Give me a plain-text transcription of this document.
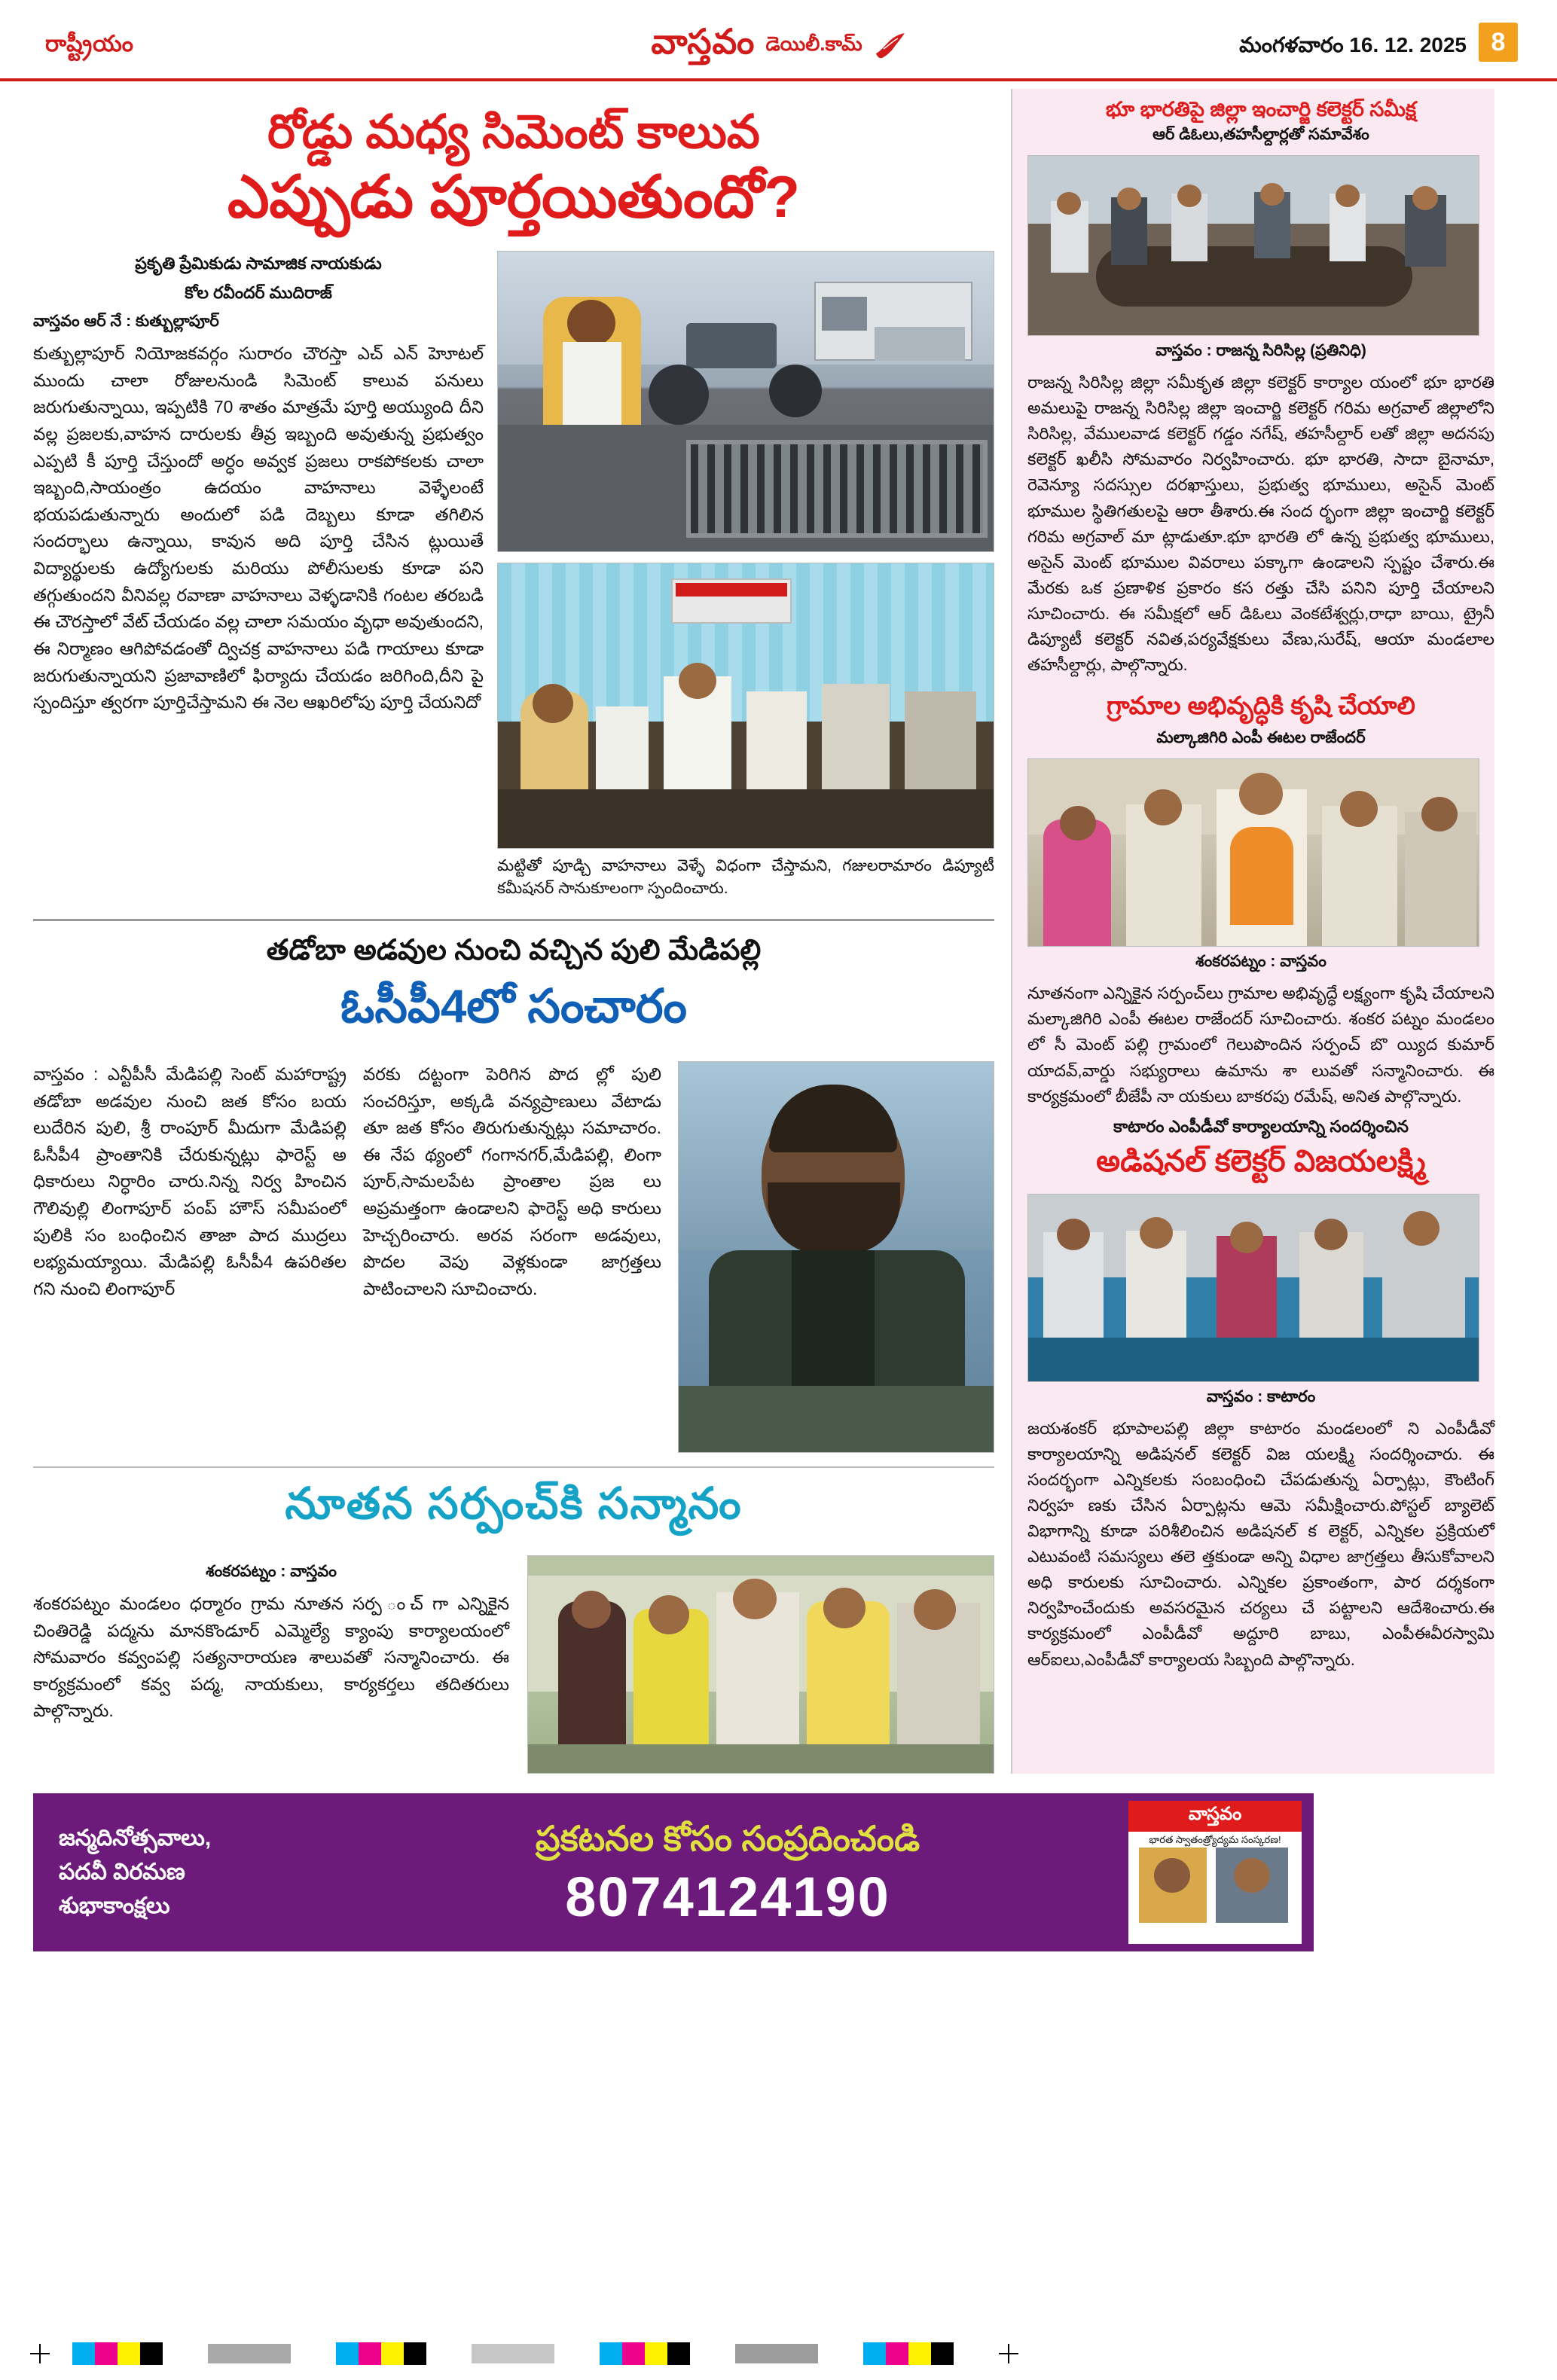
రాష్ట్రీయం	వాస్తవం డెయిలీ.కామ్	మంగళవారం 16. 12. 2025 8
రోడ్డు మధ్య సిమెంట్ కాలువ
ఎప్పుడు పూర్తయితుందో?
ప్రకృతి ప్రేమికుడు సామాజిక నాయకుడు
కోల రవీందర్ ముదిరాజ్
వాస్తవం ఆర్ నే : కుత్బుల్లాపూర్
కుత్బుల్లాపూర్ నియోజకవర్గం సురారం చౌరస్తా ఎచ్ ఎన్ హెూటల్ ముందు చాలా రోజులనుండి సిమెంట్ కాలువ పనులు జరుగుతున్నాయి, ఇప్పటికి 70 శాతం మాత్రమే పూర్తి అయ్యుంది దీని వల్ల ప్రజలకు,వాహన దారులకు తీవ్ర ఇబ్బంది అవుతున్న ప్రభుత్వం ఎప్పటి కీ పూర్తి చేస్తుందో అర్ధం అవ్వక ప్రజలు రాకపోకలకు చాలా ఇబ్బంది,సాయంత్రం ఉదయం వాహనాలు వెళ్ళేలంటే భయపడుతున్నారు అందులో పడి దెబ్బలు కూడా తగిలిన సందర్భాలు ఉన్నాయి, కావున అది పూర్తి చేసిన ట్లుయితే విద్యార్థులకు ఉద్యోగులకు మరియు పోలీసులకు కూడా పని తగ్గుతుందని వీనివల్ల రవాణా వాహనాలు వెళ్ళడానికి గంటల తరబడి ఈ చౌరస్తాలో వేట్ చేయడం వల్ల చాలా సమయం వృధా అవుతుందని, ఈ నిర్మాణం ఆగిపోవడంతో ద్విచక్ర వాహనాలు పడి గాయాలు కూడా జరుగుతున్నాయని ప్రజావాణిలో ఫిర్యాదు చేయడం జరిగింది,దీని పై స్పందిస్తూ త్వరగా పూర్తిచేస్తామని ఈ నెల ఆఖరిలోపు పూర్తి చేయనిదో
మట్టితో పూడ్చి వాహనాలు వెళ్ళే విధంగా చేస్తామని, గజులరామారం డిప్యూటీ కమీషనర్ సానుకూలంగా స్పందించారు.
తడోబా అడవుల నుంచి వచ్చిన పులి మేడిపల్లి
ఓసీపీ4లో సంచారం
వాస్తవం : ఎన్టీపీసీ మేడిపల్లి సెంట్ మహారాష్ట్ర తడోబా అడవుల నుంచి జత కోసం బయ లుదేరిన పులి, శ్రీ రాంపూర్ మీదుగా మేడిపల్లి ఓసీపీ4 ప్రాంతానికి చేరుకున్నట్లు ఫారెస్ట్ అ ధికారులు నిర్ధారిం చారు.నిన్న నిర్వ హించిన గౌలివుల్లి లింగాపూర్ పంప్ హౌస్ సమీపంలో పులికి సం బంధించిన తాజా పాద ముద్రలు లభ్యమయ్యాయి. మేడిపల్లి ఓసీపీ4 ఉపరితల గని నుంచి లింగాపూర్
వరకు దట్టంగా పెరిగిన పొద ల్లో పులి సంచరిస్తూ, అక్కడి వన్యప్రాణులు వేటాడు తూ జత కోసం తిరుగుతున్నట్లు సమాచారం. ఈ నేప థ్యంలో గంగానగర్,మేడిపల్లి, లింగా పూర్,సామలపేట ప్రాంతాల ప్రజ లు అప్రమత్తంగా ఉండాలని ఫారెస్ట్ అధి కారులు హెచ్చరించారు. అరవ సరంగా అడవులు, పొదల వెపు వెళ్లకుండా జాగ్రత్తలు పాటించాలని సూచించారు.
నూతన సర్పంచ్‌కి సన్మానం
శంకరపట్నం : వాస్తవం
శంకరపట్నం మండలం ధర్మారం గ్రామ నూతన సర్ప ంచ్ గా ఎన్నికైన చింతిరెడ్డి పద్మను మానకొండూర్ ఎమ్మెల్యే క్యాంపు కార్యాలయంలో సోమవారం కవ్వంపల్లి సత్యనారాయణ శాలువతో సన్మానించారు. ఈ కార్యక్రమంలో కవ్వ పద్మ, నాయకులు, కార్యకర్తలు తదితరులు పాల్గొన్నారు.
భూ భారతిపై జిల్లా ఇంచార్జి కలెక్టర్ సమీక్ష
ఆర్ డిఓలు,తహసీల్దార్లతో సమావేశం
వాస్తవం : రాజన్న సిరిసిల్ల (ప్రతినిధి)
రాజన్న సిరిసిల్ల జిల్లా సమీకృత జిల్లా కలెక్టర్ కార్యాల యంలో భూ భారతి అమలుపై రాజన్న సిరిసిల్ల జిల్లా ఇంచార్జి కలెక్టర్ గరిమ అగ్రవాల్ జిల్లాలోని సిరిసిల్ల, వేములవాడ కలెక్టర్ గడ్డం నగేష్, తహసీల్దార్ లతో జిల్లా అదనపు కలెక్టర్ ఖలీసి సోమవారం నిర్వహించారు. భూ భారతి, సాదా బైనామా, రెవెన్యూ సదస్సుల దరఖాస్తులు, ప్రభుత్వ భూములు, అసైన్ మెంట్ భూముల స్థితిగతులపై ఆరా తీశారు.ఈ సంద ర్భంగా జిల్లా ఇంచార్జి కలెక్టర్ గరిమ అగ్రవాల్ మా ట్లాడుతూ.భూ భారతి లో ఉన్న ప్రభుత్వ భూములు, అసైన్ మెంట్ భూముల వివరాలు పక్కాగా ఉండాలని స్పష్టం చేశారు.ఈ మేరకు ఒక ప్రణాళిక ప్రకారం కస రత్తు చేసి పనిని పూర్తి చేయాలని సూచించారు. ఈ సమీక్షలో ఆర్ డిఓలు వెంకటేశ్వర్లు,రాధా బాయి, ట్రైనీ డిప్యూటీ కలెక్టర్ నవిత,పర్యవేక్షకులు వేణు,సురేష్, ఆయా మండలాల తహసీల్దార్లు, పాల్గొన్నారు.
గ్రామాల అభివృద్ధికి కృషి చేయాలి
మల్కాజిగిరి ఎంపీ ఈటల రాజేందర్
శంకరపట్నం : వాస్తవం
నూతనంగా ఎన్నికైన సర్పంచ్‌లు గ్రామాల అభివృద్ధే లక్ష్యంగా కృషి చేయాలని మల్కాజిగిరి ఎంపీ ఈటల రాజేందర్ సూచించారు. శంకర పట్నం మండలం లో సీ మెంట్ పల్లి గ్రామంలో గెలుపొందిన సర్పంచ్ బొ య్యిద కుమార్ యాదవ్,వార్డు సభ్యురాలు ఉమాను శా లువతో సన్మానించారు. ఈ కార్యక్రమంలో బీజేపీ నా యకులు బాకరపు రమేష్, అనిత పాల్గొన్నారు.
కాటారం ఎంపీడీవో కార్యాలయాన్ని సందర్శించిన
అడిషనల్ కలెక్టర్ విజయలక్ష్మి
వాస్తవం : కాటారం
జయశంకర్ భూపాలపల్లి జిల్లా కాటారం మండలంలో ని ఎంపీడీవో కార్యాలయాన్ని అడిషనల్ కలెక్టర్ విజ యలక్ష్మి సందర్శించారు. ఈ సందర్భంగా ఎన్నికలకు సంబంధించి చేపడుతున్న ఏర్పాట్లు, కౌంటింగ్ నిర్వహ ణకు చేసిన ఏర్పాట్లను ఆమె సమీక్షించారు.పోస్టల్ బ్యాలెట్ విభాగాన్ని కూడా పరిశీలించిన అడిషనల్ క లెక్టర్, ఎన్నికల ప్రక్రియలో ఎటువంటి సమస్యలు తలె త్తకుండా అన్ని విధాల జాగ్రత్తలు తీసుకోవాలని అధి కారులకు సూచించారు. ఎన్నికల ప్రకాంతంగా, పార దర్శకంగా నిర్వహించేందుకు అవసరమైన చర్యలు చే పట్టాలని ఆదేశించారు.ఈ కార్యక్రమంలో ఎంపీడీవో అద్దూరి బాబు, ఎంపీఈవీరస్వామి ఆర్ఐలు,ఎంపీడీవో కార్యాలయ సిబ్బంది పాల్గొన్నారు.
జన్మదినోత్సవాలు,
పదవీ విరమణ
శుభాకాంక్షలు
ప్రకటనల కోసం సంప్రదించండి
8074124190
వాస్తవం
భారత స్వాతంత్ర్యోద్యమ సంస్కరణ!
